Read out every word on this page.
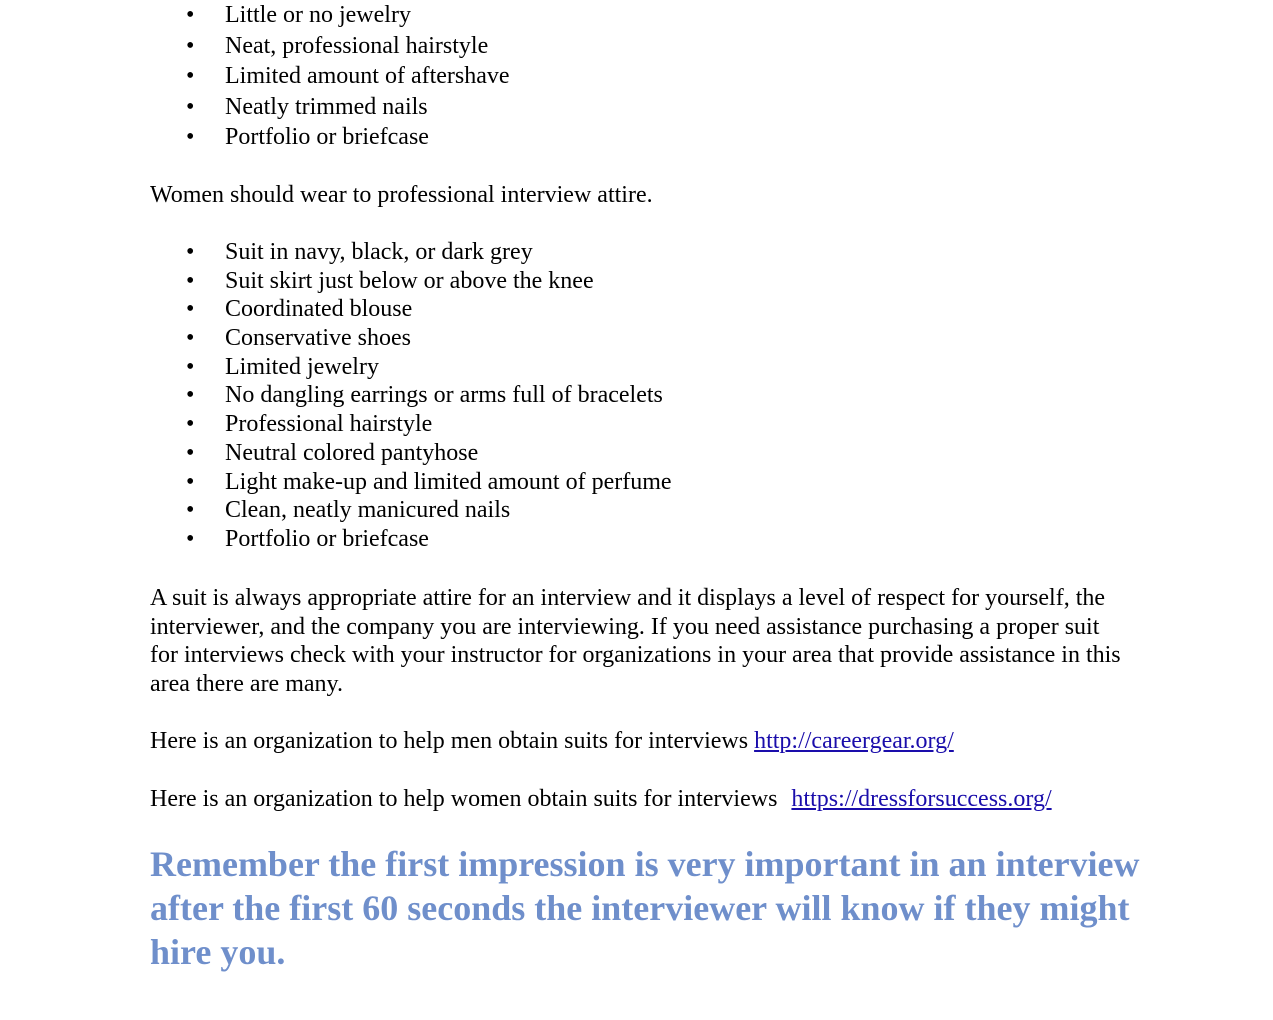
• Little or no jewelry
• Neat, professional hairstyle
• Limited amount of aftershave
• Neatly trimmed nails
• Portfolio or briefcase

Women should wear to professional interview attire.

• Suit in navy, black, or dark grey
• Suit skirt just below or above the knee
• Coordinated blouse
• Conservative shoes
• Limited jewelry
• No dangling earrings or arms full of bracelets
• Professional hairstyle
• Neutral colored pantyhose
• Light make-up and limited amount of perfume
• Clean, neatly manicured nails
• Portfolio or briefcase

A suit is always appropriate attire for an interview and it displays a level of respect for yourself, the interviewer, and the company you are interviewing. If you need assistance purchasing a proper suit for interviews check with your instructor for organizations in your area that provide assistance in this area there are many.

Here is an organization to help men obtain suits for interviews http://careergear.org/

Here is an organization to help women obtain suits for interviews https://dressforsuccess.org/

Remember the first impression is very important in an interview after the first 60 seconds the interviewer will know if they might hire you.
